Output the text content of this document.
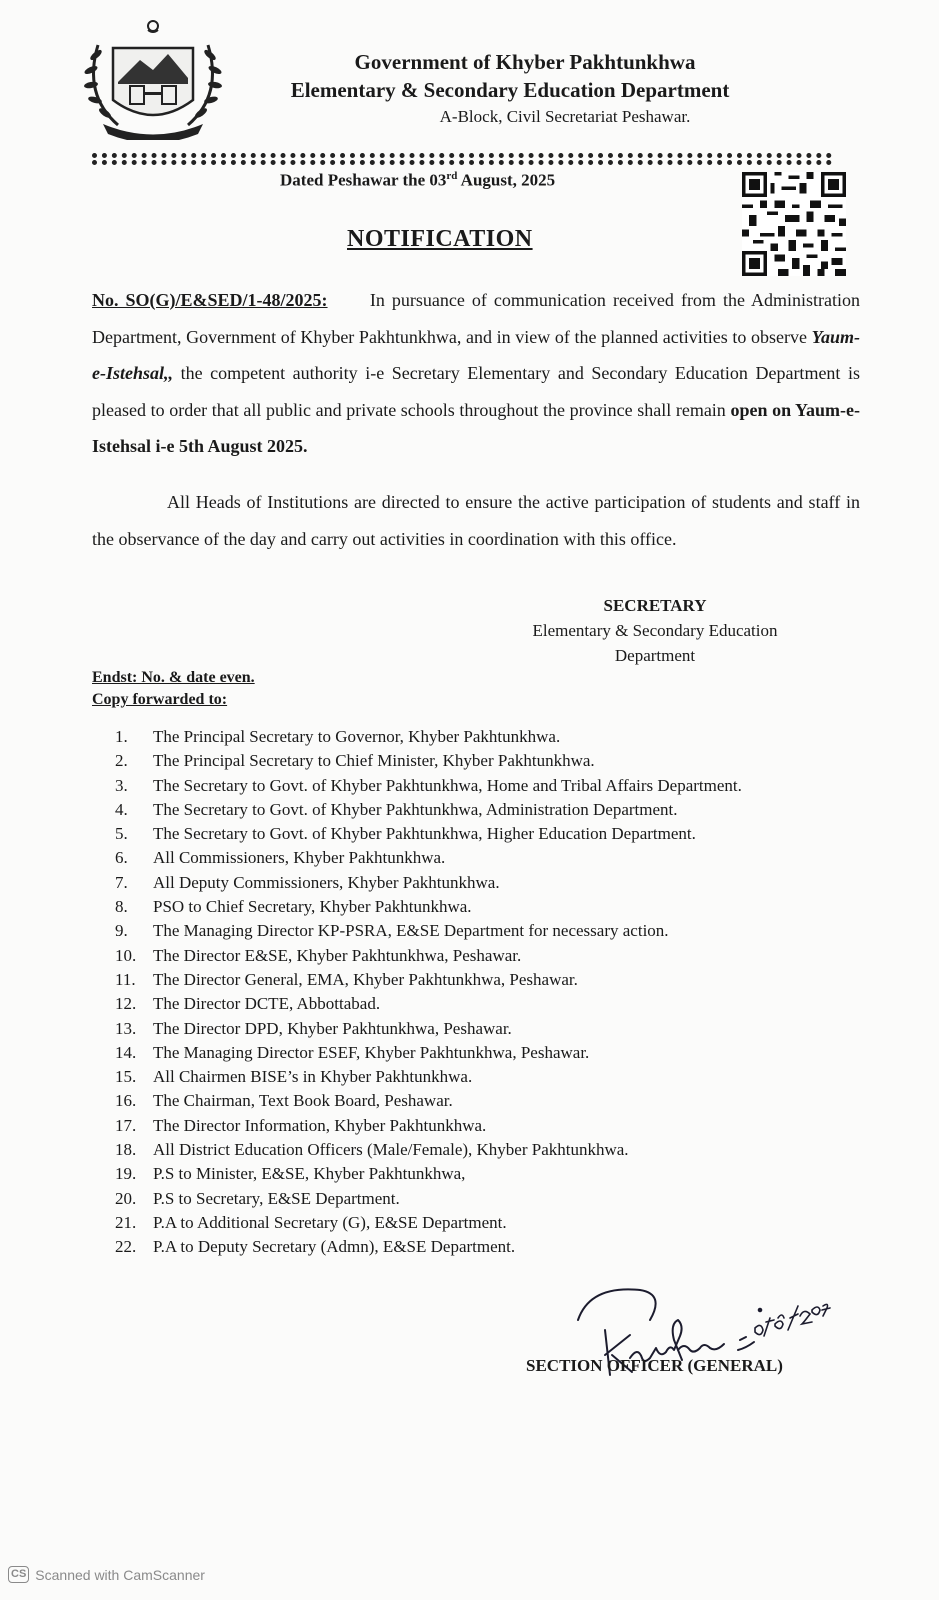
Government of Khyber Pakhtunkhwa
Elementary & Secondary Education Department
A-Block, Civil Secretariat Peshawar.
Dated Peshawar the 03rd August, 2025
NOTIFICATION
No. SO(G)/E&SED/1-48/2025: In pursuance of communication received from the Administration Department, Government of Khyber Pakhtunkhwa, and in view of the planned activities to observe Yaum-e-Istehsal,, the competent authority i-e Secretary Elementary and Secondary Education Department is pleased to order that all public and private schools throughout the province shall remain open on Yaum-e-Istehsal i-e 5th August 2025.
All Heads of Institutions are directed to ensure the active participation of students and staff in the observance of the day and carry out activities in coordination with this office.
SECRETARY
Elementary & Secondary Education
Department
Endst: No. & date even.
Copy forwarded to:
1.	The Principal Secretary to Governor, Khyber Pakhtunkhwa.
2.	The Principal Secretary to Chief Minister, Khyber Pakhtunkhwa.
3.	The Secretary to Govt. of Khyber Pakhtunkhwa, Home and Tribal Affairs Department.
4.	The Secretary to Govt. of Khyber Pakhtunkhwa, Administration Department.
5.	The Secretary to Govt. of Khyber Pakhtunkhwa, Higher Education Department.
6.	All Commissioners, Khyber Pakhtunkhwa.
7.	All Deputy Commissioners, Khyber Pakhtunkhwa.
8.	PSO to Chief Secretary, Khyber Pakhtunkhwa.
9.	The Managing Director KP-PSRA, E&SE Department for necessary action.
10. The Director E&SE, Khyber Pakhtunkhwa, Peshawar.
11.	The Director General, EMA, Khyber Pakhtunkhwa, Peshawar.
12. The Director DCTE, Abbottabad.
13. The Director DPD, Khyber Pakhtunkhwa, Peshawar.
14. The Managing Director ESEF, Khyber Pakhtunkhwa, Peshawar.
15. All Chairmen BISE’s in Khyber Pakhtunkhwa.
16. The Chairman, Text Book Board, Peshawar.
17. The Director Information, Khyber Pakhtunkhwa.
18. All District Education Officers (Male/Female), Khyber Pakhtunkhwa.
19. P.S to Minister, E&SE, Khyber Pakhtunkhwa,
20. P.S to Secretary, E&SE Department.
21. P.A to Additional Secretary (G), E&SE Department.
22. P.A to Deputy Secretary (Admn), E&SE Department.
SECTION OFFICER (GENERAL)
CS Scanned with CamScanner
